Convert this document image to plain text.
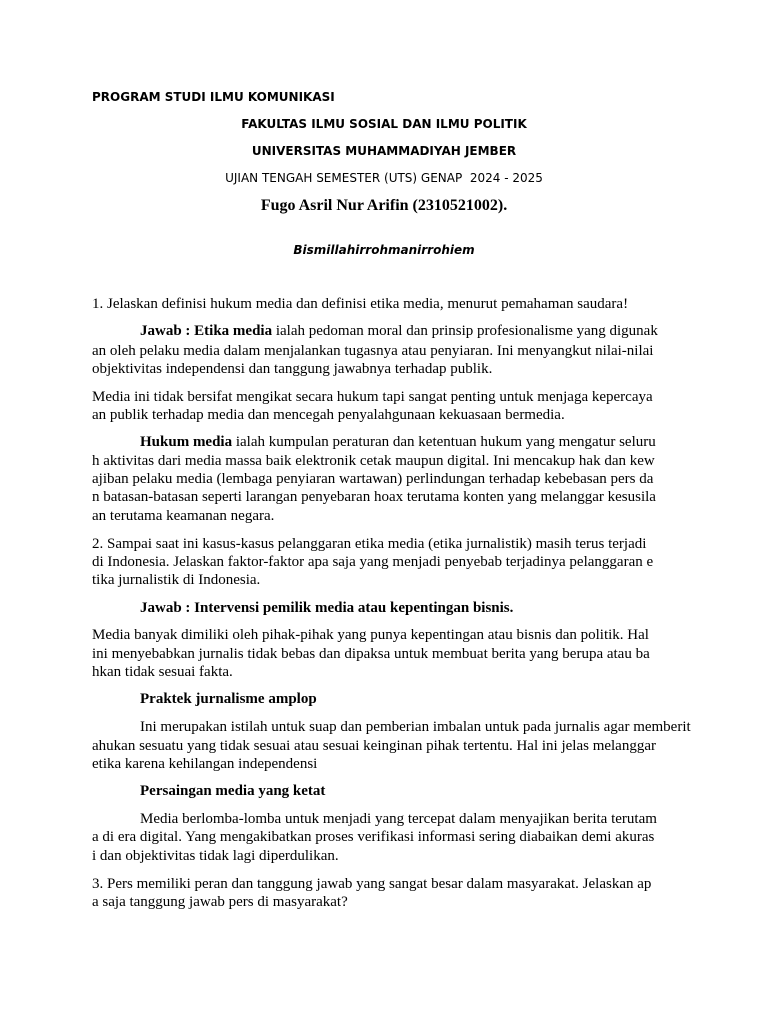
PROGRAM STUDI ILMU KOMUNIKASI
FAKULTAS ILMU SOSIAL DAN ILMU POLITIK
UNIVERSITAS MUHAMMADIYAH JEMBER
UJIAN TENGAH SEMESTER (UTS) GENAP  2024 - 2025
Fugo Asril Nur Arifin (2310521002).
Bismillahirrohmanirrohiem
1. Jelaskan definisi hukum media dan definisi etika media, menurut pemahaman saudara!
Jawab : Etika media ialah pedoman moral dan prinsip profesionalisme yang digunak
an oleh pelaku media dalam menjalankan tugasnya atau penyiaran. Ini menyangkut nilai-nilai
objektivitas independensi dan tanggung jawabnya terhadap publik.
Media ini tidak bersifat mengikat secara hukum tapi sangat penting untuk menjaga kepercaya
an publik terhadap media dan mencegah penyalahgunaan kekuasaan bermedia.
Hukum media ialah kumpulan peraturan dan ketentuan hukum yang mengatur seluru
h aktivitas dari media massa baik elektronik cetak maupun digital. Ini mencakup hak dan kew
ajiban pelaku media (lembaga penyiaran wartawan) perlindungan terhadap kebebasan pers da
n batasan-batasan seperti larangan penyebaran hoax terutama konten yang melanggar kesusila
an terutama keamanan negara.
2. Sampai saat ini kasus-kasus pelanggaran etika media (etika jurnalistik) masih terus terjadi
di Indonesia. Jelaskan faktor-faktor apa saja yang menjadi penyebab terjadinya pelanggaran e
tika jurnalistik di Indonesia.
Jawab : Intervensi pemilik media atau kepentingan bisnis.
Media banyak dimiliki oleh pihak-pihak yang punya kepentingan atau bisnis dan politik. Hal
ini menyebabkan jurnalis tidak bebas dan dipaksa untuk membuat berita yang berupa atau ba
hkan tidak sesuai fakta.
Praktek jurnalisme amplop
Ini merupakan istilah untuk suap dan pemberian imbalan untuk pada jurnalis agar memberit
ahukan sesuatu yang tidak sesuai atau sesuai keinginan pihak tertentu. Hal ini jelas melanggar
etika karena kehilangan independensi
Persaingan media yang ketat
Media berlomba-lomba untuk menjadi yang tercepat dalam menyajikan berita terutam
a di era digital. Yang mengakibatkan proses verifikasi informasi sering diabaikan demi akuras
i dan objektivitas tidak lagi diperdulikan.
3. Pers memiliki peran dan tanggung jawab yang sangat besar dalam masyarakat. Jelaskan ap
a saja tanggung jawab pers di masyarakat?
